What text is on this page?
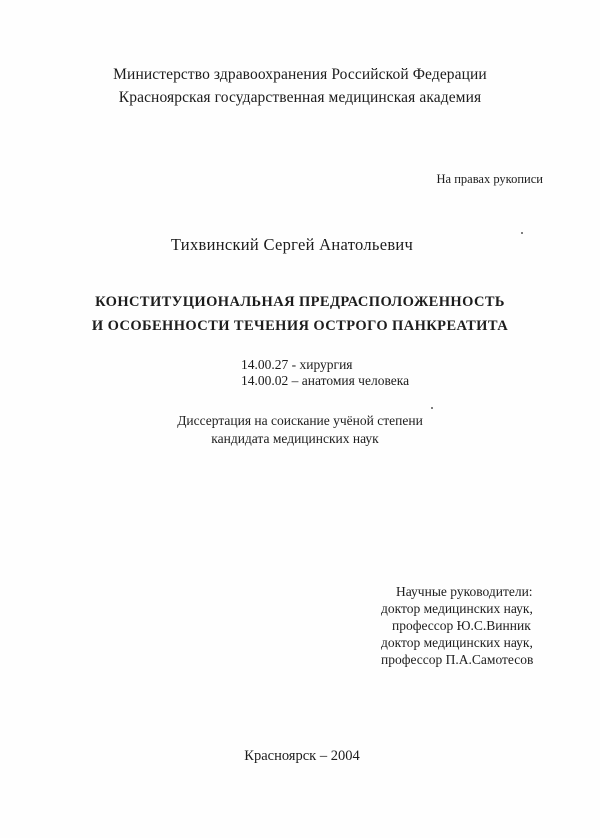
Министерство здравоохранения Российской Федерации
Красноярская государственная медицинская академия
На правах рукописи
Тихвинский Сергей Анатольевич
КОНСТИТУЦИОНАЛЬНАЯ ПРЕДРАСПОЛОЖЕННОСТЬ
И ОСОБЕННОСТИ ТЕЧЕНИЯ ОСТРОГО ПАНКРЕАТИТА
14.00.27 - хирургия
14.00.02 – анатомия человека
Диссертация на соискание учёной степени
кандидата медицинских наук
Научные руководители:
доктор медицинских наук,
профессор Ю.С.Винник
доктор медицинских наук,
профессор П.А.Самотесов
Красноярск – 2004
